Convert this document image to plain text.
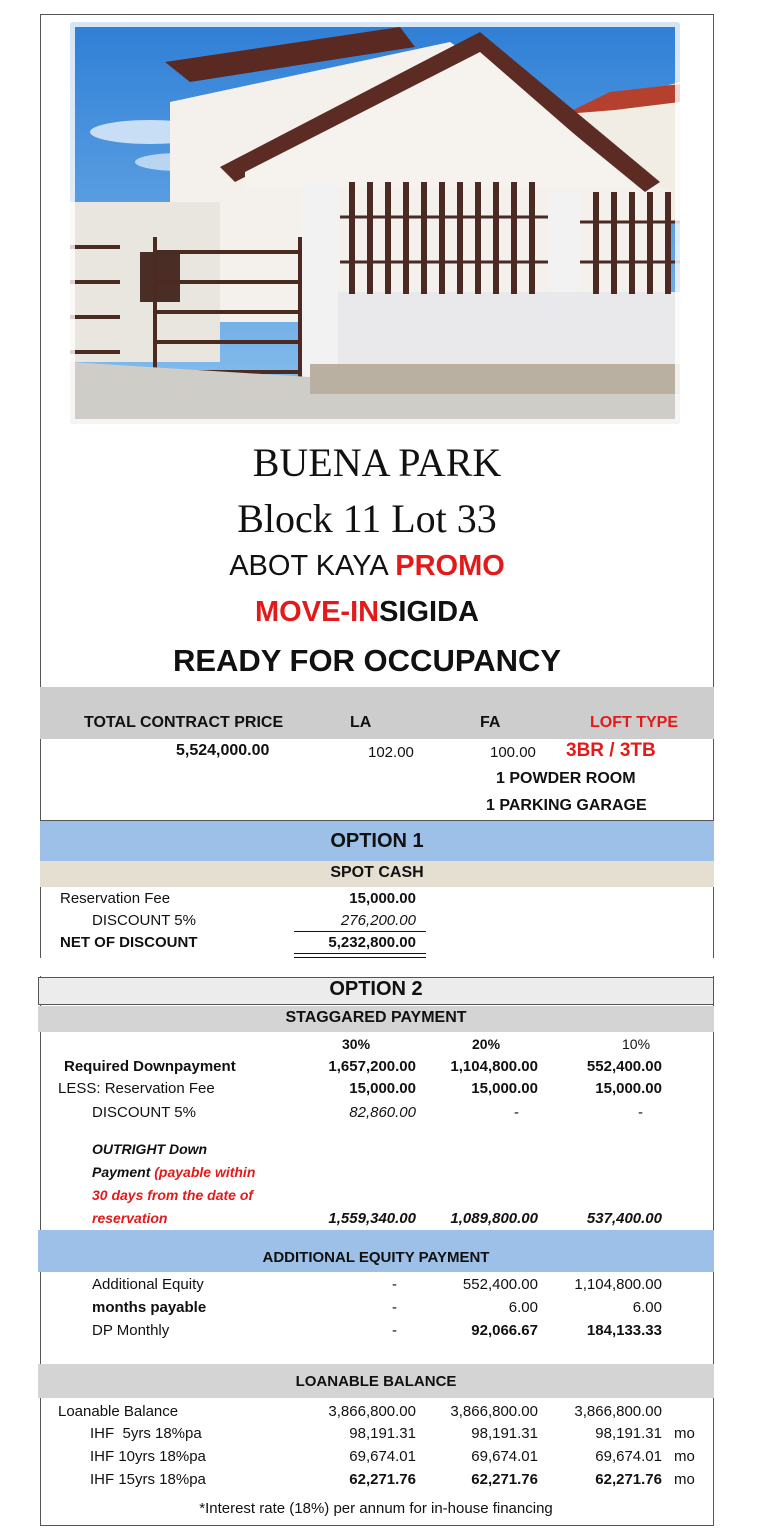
BUENA PARK
Block 11 Lot 33
ABOT KAYA PROMO
MOVE-INSIGIDA
READY FOR OCCUPANCY
TOTAL CONTRACT PRICE	LA	FA	LOFT TYPE
5,524,000.00	102.00	100.00 3BR / 3TB
1 POWDER ROOM
1 PARKING GARAGE
OPTION 1
SPOT CASH
Reservation Fee	15,000.00
DISCOUNT 5%	276,200.00
NET OF DISCOUNT	5,232,800.00
OPTION 2
STAGGARED PAYMENT
30%	20%	10%
Required Downpayment	1,657,200.00	1,104,800.00	552,400.00
LESS: Reservation Fee	15,000.00	15,000.00	15,000.00
DISCOUNT 5%	82,860.00	-	-
OUTRIGHT Down
Payment (payable within
30 days from the date of
reservation	1,559,340.00	1,089,800.00	537,400.00
ADDITIONAL EQUITY PAYMENT
Additional Equity	-	552,400.00	1,104,800.00
months payable	-	6.00	6.00
DP Monthly	-	92,066.67	184,133.33
LOANABLE BALANCE
Loanable Balance	3,866,800.00	3,866,800.00	3,866,800.00
IHF  5yrs 18%pa	98,191.31	98,191.31	98,191.31 mo
IHF 10yrs 18%pa	69,674.01	69,674.01	69,674.01 mo
IHF 15yrs 18%pa	62,271.76	62,271.76	62,271.76 mo
*Interest rate (18%) per annum for in-house financing
